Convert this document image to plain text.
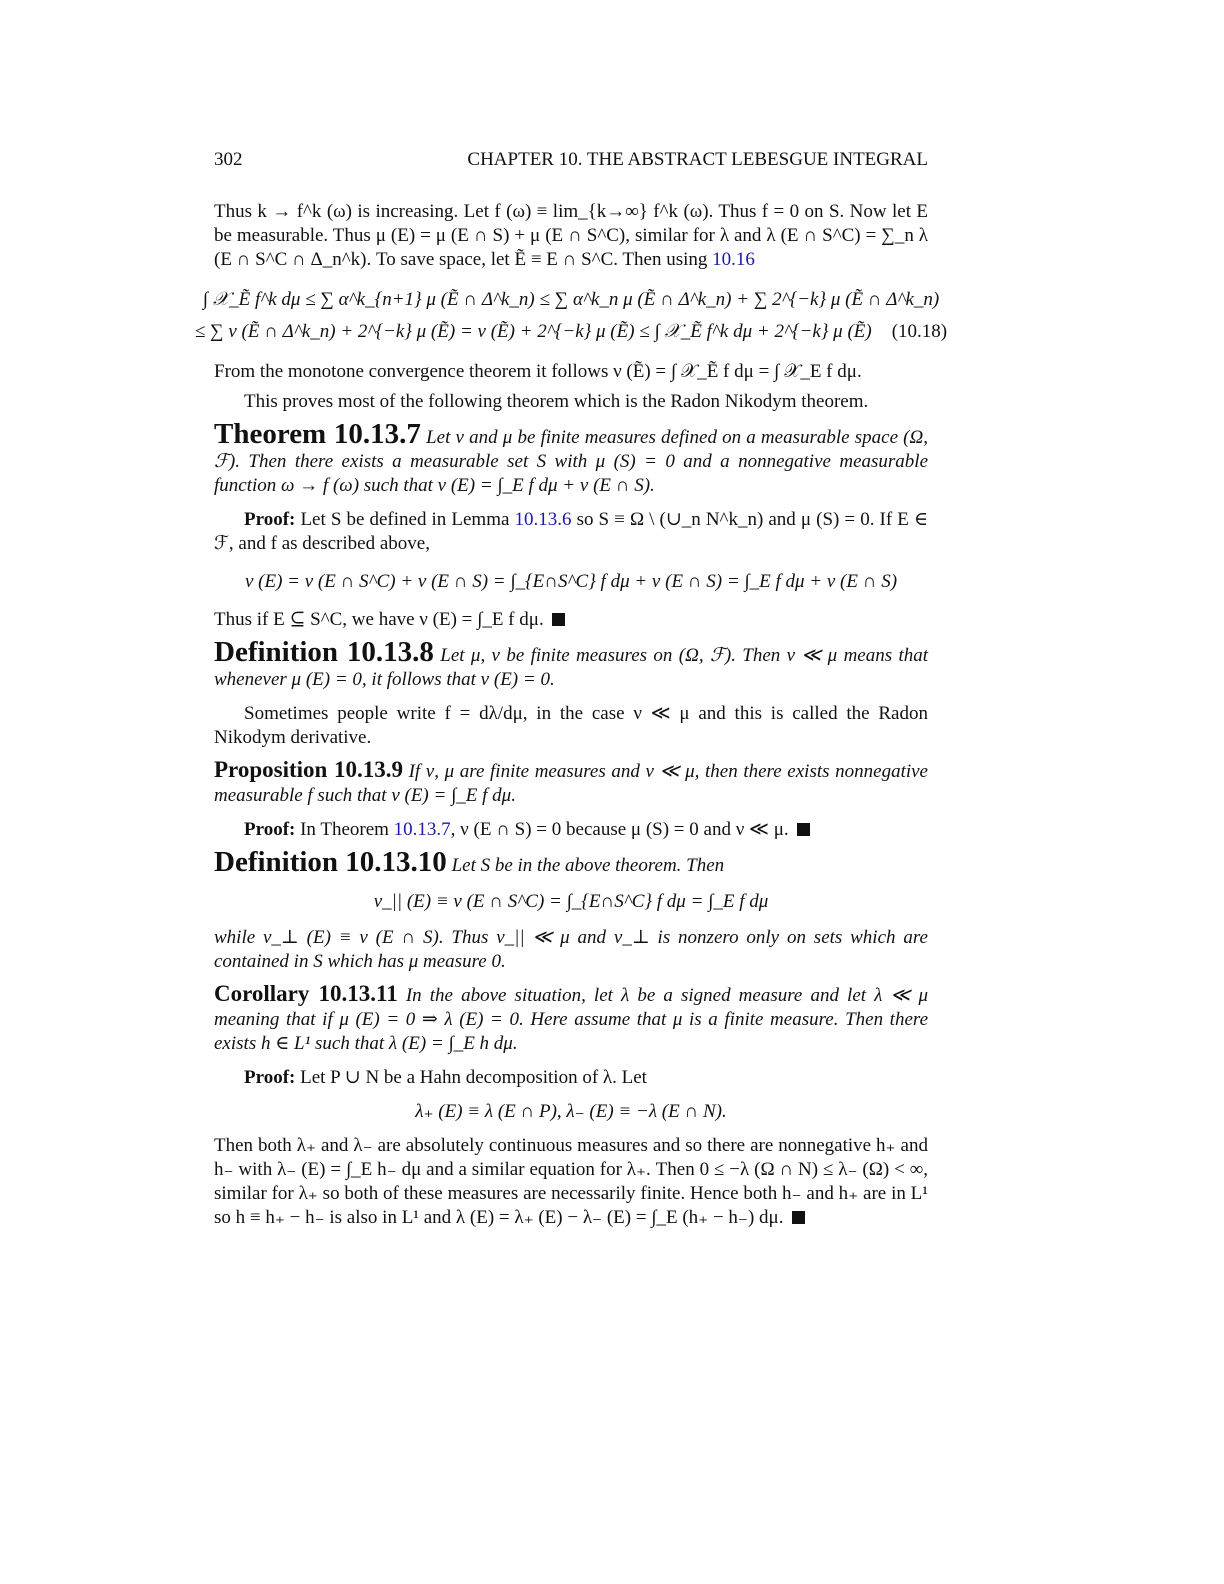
302	CHAPTER 10. THE ABSTRACT LEBESGUE INTEGRAL

Thus k → f^k (ω) is increasing. Let f (ω) ≡ lim_{k→∞} f^k (ω). Thus f = 0 on S. Now let E be measurable. Thus μ (E) = μ (E ∩ S) + μ (E ∩ S^C), similar for λ and λ (E ∩ S^C) = ∑_n λ (E ∩ S^C ∩ Δ_n^k). To save space, let Ẽ ≡ E ∩ S^C. Then using 10.16

∫ 𝒳_Ẽ f^k dμ ≤ ∑ α^k_{n+1} μ (Ẽ ∩ Δ^k_n) ≤ ∑ α^k_n μ (Ẽ ∩ Δ^k_n) + ∑ 2^{−k} μ (Ẽ ∩ Δ^k_n)
≤ ∑ ν (Ẽ ∩ Δ^k_n) + 2^{−k} μ (Ẽ) = ν (Ẽ) + 2^{−k} μ (Ẽ) ≤ ∫ 𝒳_Ẽ f^k dμ + 2^{−k} μ (Ẽ)	(10.18)

From the monotone convergence theorem it follows ν (Ẽ) = ∫ 𝒳_Ẽ f dμ = ∫ 𝒳_E f dμ.

This proves most of the following theorem which is the Radon Nikodym theorem.

Theorem 10.13.7 Let ν and μ be finite measures defined on a measurable space (Ω, ℱ). Then there exists a measurable set S with μ (S) = 0 and a nonnegative measurable function ω → f (ω) such that ν (E) = ∫_E f dμ + ν (E ∩ S).

Proof: Let S be defined in Lemma 10.13.6 so S ≡ Ω \ (∪_n N^k_n) and μ (S) = 0. If E ∈ ℱ, and f as described above,

ν (E) = ν (E ∩ S^C) + ν (E ∩ S) = ∫_{E∩S^C} f dμ + ν (E ∩ S) = ∫_E f dμ + ν (E ∩ S)

Thus if E ⊆ S^C, we have ν (E) = ∫_E f dμ.

Definition 10.13.8 Let μ, ν be finite measures on (Ω, ℱ). Then ν ≪ μ means that whenever μ (E) = 0, it follows that ν (E) = 0.

Sometimes people write f = dλ/dμ, in the case ν ≪ μ and this is called the Radon Nikodym derivative.

Proposition 10.13.9 If ν, μ are finite measures and ν ≪ μ, then there exists nonnegative measurable f such that ν (E) = ∫_E f dμ.

Proof: In Theorem 10.13.7, ν (E ∩ S) = 0 because μ (S) = 0 and ν ≪ μ.

Definition 10.13.10 Let S be in the above theorem. Then

ν_|| (E) ≡ ν (E ∩ S^C) = ∫_{E∩S^C} f dμ = ∫_E f dμ

while ν_⊥ (E) ≡ ν (E ∩ S). Thus ν_|| ≪ μ and ν_⊥ is nonzero only on sets which are contained in S which has μ measure 0.

Corollary 10.13.11 In the above situation, let λ be a signed measure and let λ ≪ μ meaning that if μ (E) = 0 ⇒ λ (E) = 0. Here assume that μ is a finite measure. Then there exists h ∈ L¹ such that λ (E) = ∫_E h dμ.

Proof: Let P ∪ N be a Hahn decomposition of λ. Let

λ₊ (E) ≡ λ (E ∩ P), λ₋ (E) ≡ −λ (E ∩ N).

Then both λ₊ and λ₋ are absolutely continuous measures and so there are nonnegative h₊ and h₋ with λ₋ (E) = ∫_E h₋ dμ and a similar equation for λ₊. Then 0 ≤ −λ (Ω ∩ N) ≤ λ₋ (Ω) < ∞, similar for λ₊ so both of these measures are necessarily finite. Hence both h₋ and h₊ are in L¹ so h ≡ h₊ − h₋ is also in L¹ and λ (E) = λ₊ (E) − λ₋ (E) = ∫_E (h₊ − h₋) dμ.
